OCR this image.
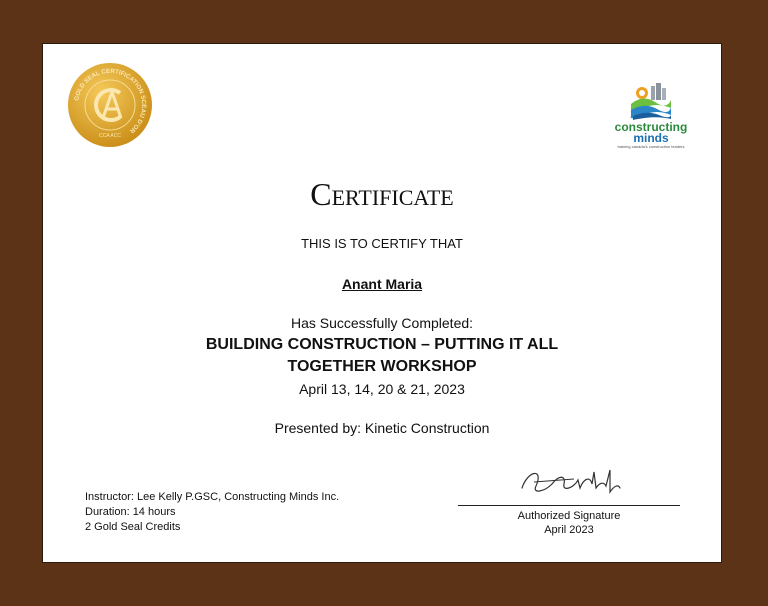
GOLD SEAL CERTIFICATION SCEAU D'OR
CCA ACC
constructing
minds
training canada's construction leaders
Certificate
THIS IS TO CERTIFY THAT
Anant Maria
Has Successfully Completed:
BUILDING CONSTRUCTION – PUTTING IT ALL
TOGETHER WORKSHOP
April 13, 14, 20 & 21, 2023
Presented by: Kinetic Construction
Instructor: Lee Kelly P.GSC, Constructing Minds Inc.
Duration: 14 hours
2 Gold Seal Credits
Authorized Signature
April 2023
